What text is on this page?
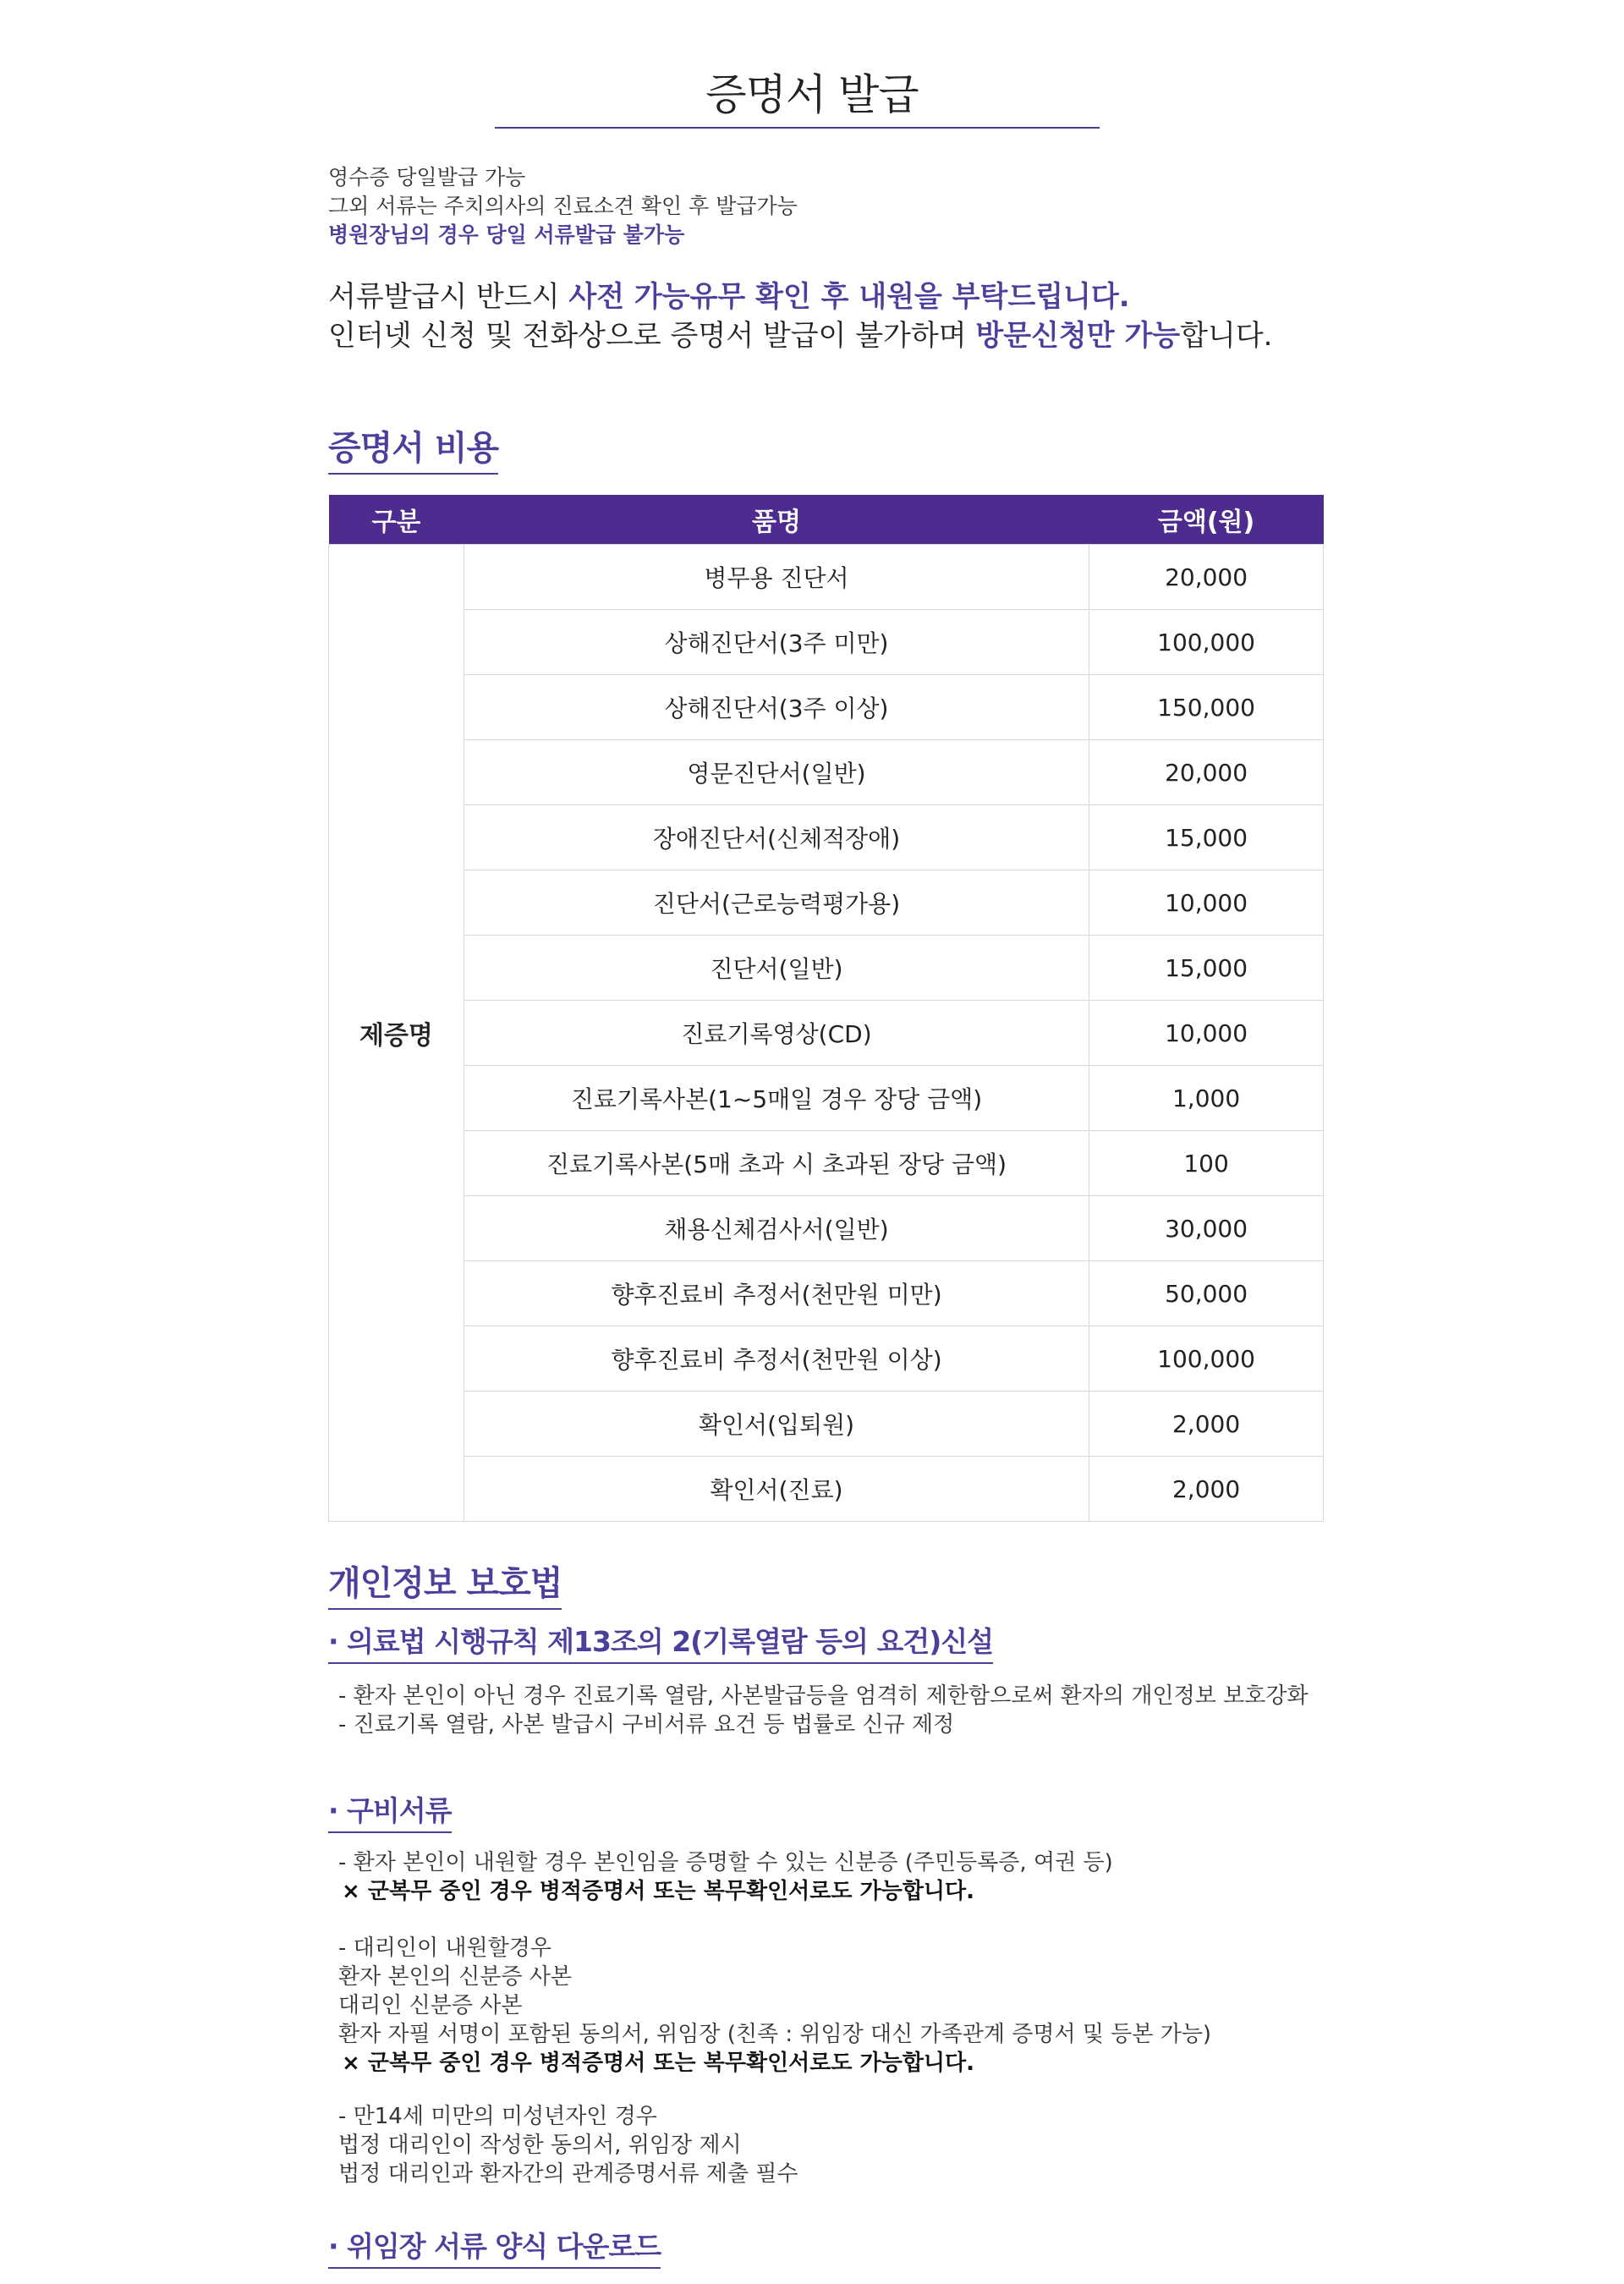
증명서 발급
영수증 당일발급 가능
그외 서류는 주치의사의 진료소견 확인 후 발급가능
병원장님의 경우 당일 서류발급 불가능
서류발급시 반드시 사전 가능유무 확인 후 내원을 부탁드립니다.
인터넷 신청 및 전화상으로 증명서 발급이 불가하며 방문신청만 가능합니다.
증명서 비용
구분	품명	금액(원)
제증명	병무용 진단서	20,000
	상해진단서(3주 미만)	100,000
	상해진단서(3주 이상)	150,000
	영문진단서(일반)	20,000
	장애진단서(신체적장애)	15,000
	진단서(근로능력평가용)	10,000
	진단서(일반)	15,000
	진료기록영상(CD)	10,000
	진료기록사본(1~5매일 경우 장당 금액)	1,000
	진료기록사본(5매 초과 시 초과된 장당 금액)	100
	채용신체검사서(일반)	30,000
	향후진료비 추정서(천만원 미만)	50,000
	향후진료비 추정서(천만원 이상)	100,000
	확인서(입퇴원)	2,000
	확인서(진료)	2,000
개인정보 보호법
· 의료법 시행규칙 제13조의 2(기록열람 등의 요건)신설
- 환자 본인이 아닌 경우 진료기록 열람, 사본발급등을 엄격히 제한함으로써 환자의 개인정보 보호강화
- 진료기록 열람, 사본 발급시 구비서류 요건 등 법률로 신규 제정
· 구비서류
- 환자 본인이 내원할 경우 본인임을 증명할 수 있는 신분증 (주민등록증, 여권 등)
× 군복무 중인 경우 병적증명서 또는 복무확인서로도 가능합니다.
- 대리인이 내원할경우
환자 본인의 신분증 사본
대리인 신분증 사본
환자 자필 서명이 포함된 동의서, 위임장 (친족 : 위임장 대신 가족관계 증명서 및 등본 가능)
× 군복무 중인 경우 병적증명서 또는 복무확인서로도 가능합니다.
- 만14세 미만의 미성년자인 경우
법정 대리인이 작성한 동의서, 위임장 제시
법정 대리인과 환자간의 관계증명서류 제출 필수
· 위임장 서류 양식 다운로드
